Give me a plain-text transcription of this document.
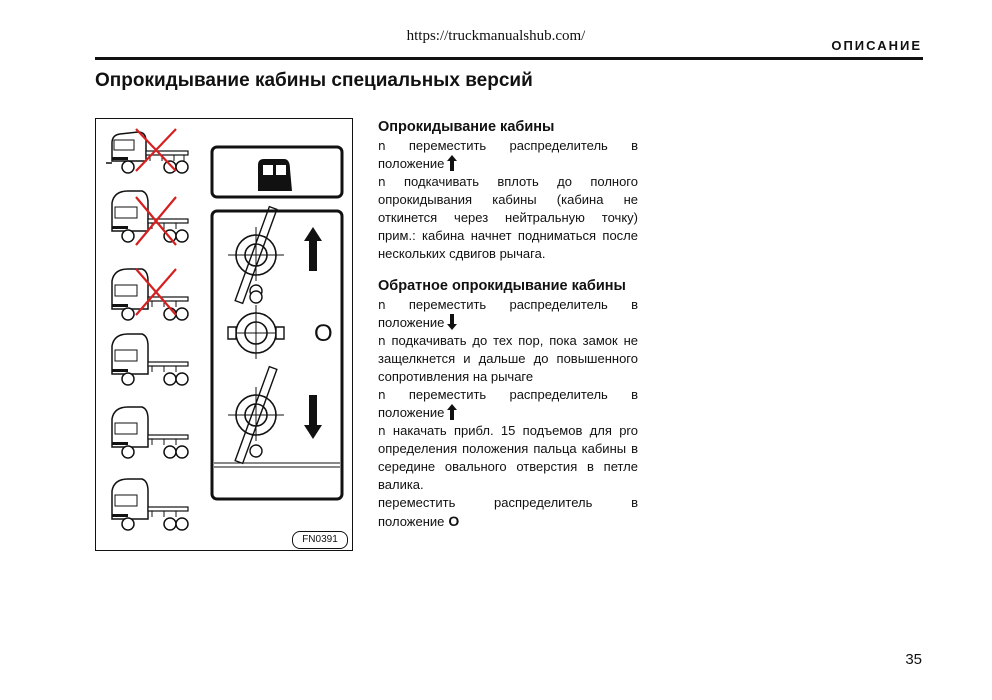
https://truckmanualshub.com/
ОПИСАНИЕ
Опрокидывание кабины специальных версий
O
FN0391

Опрокидывание кабины

n переместить распределитель в положение

n подкачивать вплоть до полного опрокидывания кабины (кабина не откинется через нейтральную точку) прим.: кабина начнет подниматься после нескольких сдвигов рычага.

Обратное опрокидывание кабины

n переместить распределитель в положение

n подкачивать до тех пор, пока замок не защелкнется и дальше до повышенного сопротивления на рычаге

n переместить распределитель в положение

n накачать прибл. 15 подъемов для pro определения положения пальца кабины в середине овального отверстия в петле валика.

переместить распределитель в положение O

35
